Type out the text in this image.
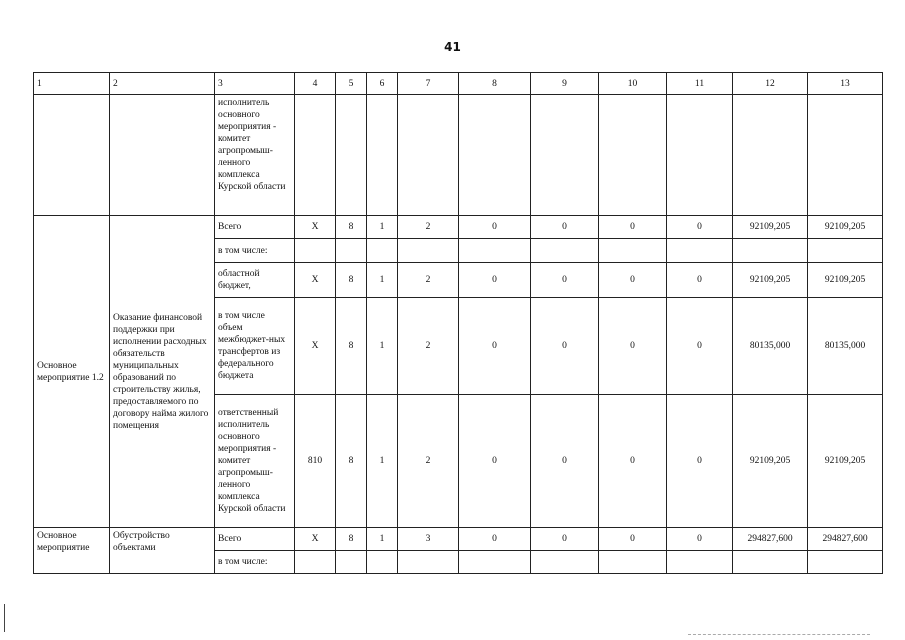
41
1	2	3	4	5	6	7	8	9	10	11	12	13
		исполнитель основного мероприятия - комитет агропромыш-ленного комплекса Курской области										
Основное мероприятие 1.2	Оказание финансовой поддержки при исполнении расходных обязательств муниципальных образований по строительству жилья, предоставляемого по договору найма жилого помещения	Всего	Х	8	1	2	0	0	0	0	92109,205	92109,205
		в том числе:										
		областной бюджет,	Х	8	1	2	0	0	0	0	92109,205	92109,205
		в том числе объем межбюджет-ных трансфертов из федерального бюджета	Х	8	1	2	0	0	0	0	80135,000	80135,000
		ответственный исполнитель основного мероприятия - комитет агропромыш-ленного комплекса Курской области	810	8	1	2	0	0	0	0	92109,205	92109,205
Основное мероприятие	Обустройство объектами	Всего	Х	8	1	3	0	0	0	0	294827,600	294827,600
		в том числе:										
